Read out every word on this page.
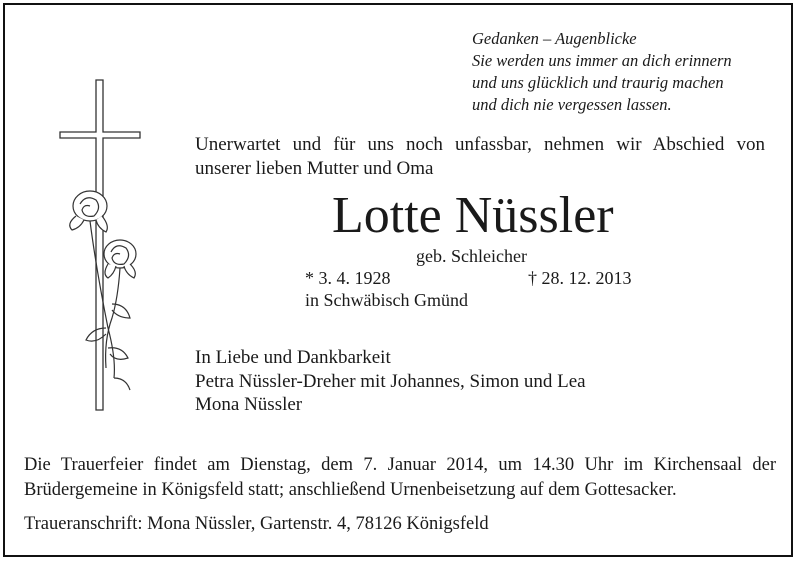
Gedanken – Augenblicke
Sie werden uns immer an dich erinnern
und uns glücklich und traurig machen
und dich nie vergessen lassen.
Unerwartet und für uns noch unfassbar, nehmen wir Abschied von
unserer lieben Mutter und Oma
Lotte Nüssler
geb. Schleicher
* 3. 4. 1928	† 28. 12. 2013
in Schwäbisch Gmünd
In Liebe und Dankbarkeit
Petra Nüssler-Dreher mit Johannes, Simon und Lea
Mona Nüssler
Die Trauerfeier findet am Dienstag, dem 7. Januar 2014, um 14.30 Uhr im Kirchensaal der
Brüdergemeine in Königsfeld statt; anschließend Urnenbeisetzung auf dem Gottesacker.
Traueranschrift: Mona Nüssler, Gartenstr. 4, 78126 Königsfeld
